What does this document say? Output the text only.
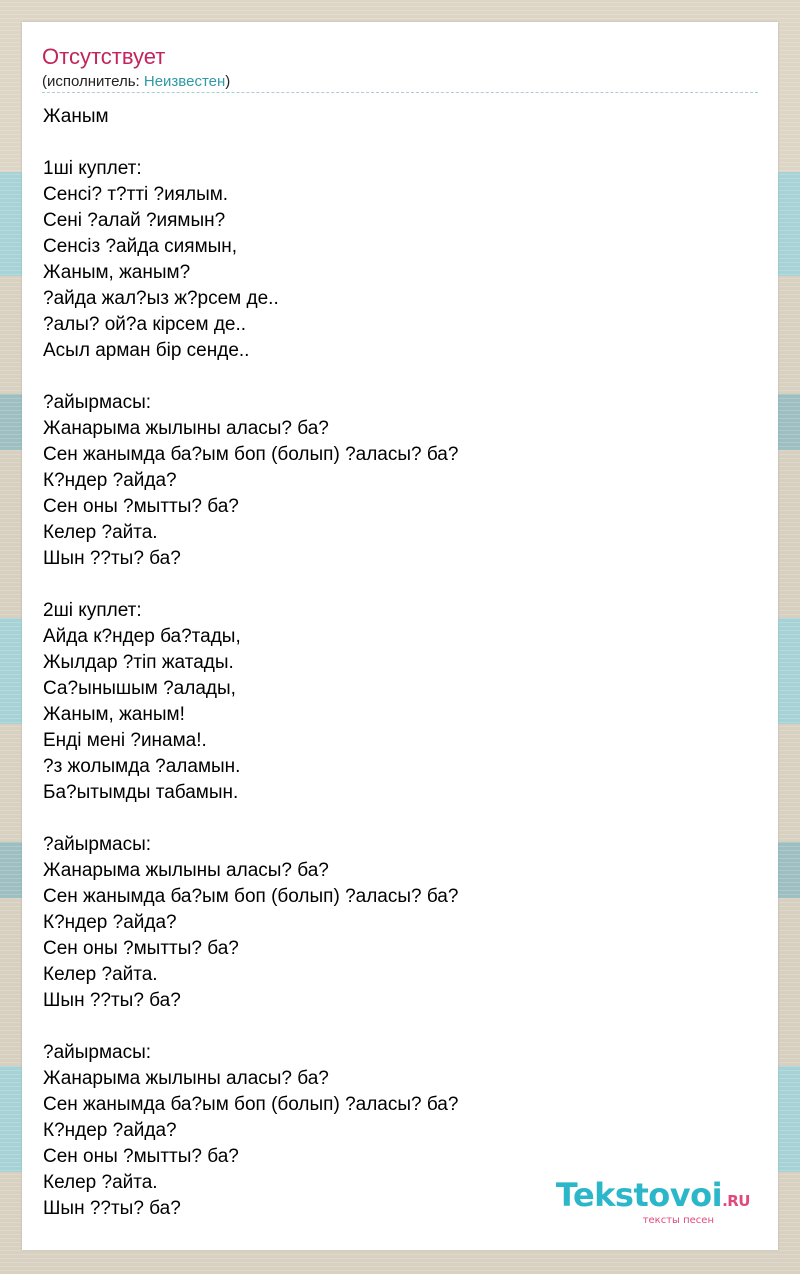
Отсутствует
(исполнитель: Неизвестен)
Жаным

1ші куплет:
Сенсі? т?тті ?иялым.
Сені ?алай ?иямын?
Сенсіз ?айда сиямын,
Жаным, жаным?
?айда жал?ыз ж?рсем де..
?алы? ой?а кірсем де..
Асыл арман бір сенде..

?айырмасы:
Жанарыма жылыны аласы? ба?
Сен жанымда ба?ым боп (болып) ?аласы? ба?
К?ндер ?айда?
Сен оны ?мытты? ба?
Келер ?айта.
Шын ??ты? ба?

2ші куплет:
Айда к?ндер ба?тады,
Жылдар ?тіп жатады.
Са?ынышым ?алады,
Жаным, жаным!
Енді мені ?инама!.
?з жолымда ?аламын.
Ба?ытымды табамын.

?айырмасы:
Жанарыма жылыны аласы? ба?
Сен жанымда ба?ым боп (болып) ?аласы? ба?
К?ндер ?айда?
Сен оны ?мытты? ба?
Келер ?айта.
Шын ??ты? ба?

?айырмасы:
Жанарыма жылыны аласы? ба?
Сен жанымда ба?ым боп (болып) ?аласы? ба?
К?ндер ?айда?
Сен оны ?мытты? ба?
Келер ?айта.
Шын ??ты? ба?	Tekstovoi.RU
тексты песен
